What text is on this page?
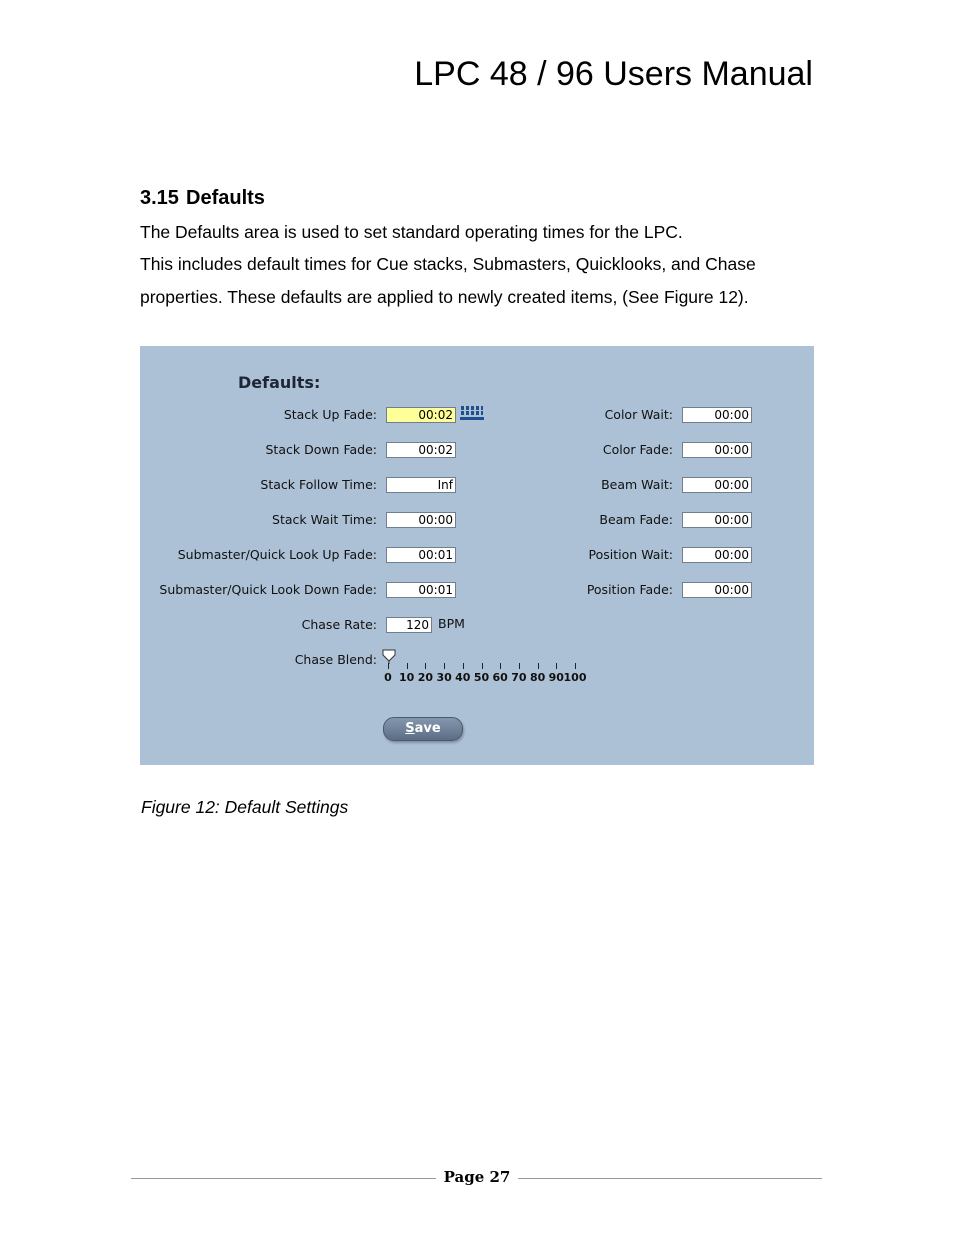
LPC 48 / 96 Users Manual
3.15 Defaults
The Defaults area is used to set standard operating times for the LPC.
This includes default times for Cue stacks, Submasters, Quicklooks, and Chase
properties. These defaults are applied to newly created items, (See Figure 12).
Defaults:
Stack Up Fade:	00:02
Stack Down Fade:	00:02
Stack Follow Time:	Inf
Stack Wait Time:	00:00
Submaster/Quick Look Up Fade:	00:01
Submaster/Quick Look Down Fade:	00:01
Color Wait:	00:00
Color Fade:	00:00
Beam Wait:	00:00
Beam Fade:	00:00
Position Wait:	00:00
Position Fade:	00:00
Chase Rate:	120 BPM
Chase Blend:
0 10 20 30 40 50 60 70 80 90 100
Save
Figure 12: Default Settings
Page 27
